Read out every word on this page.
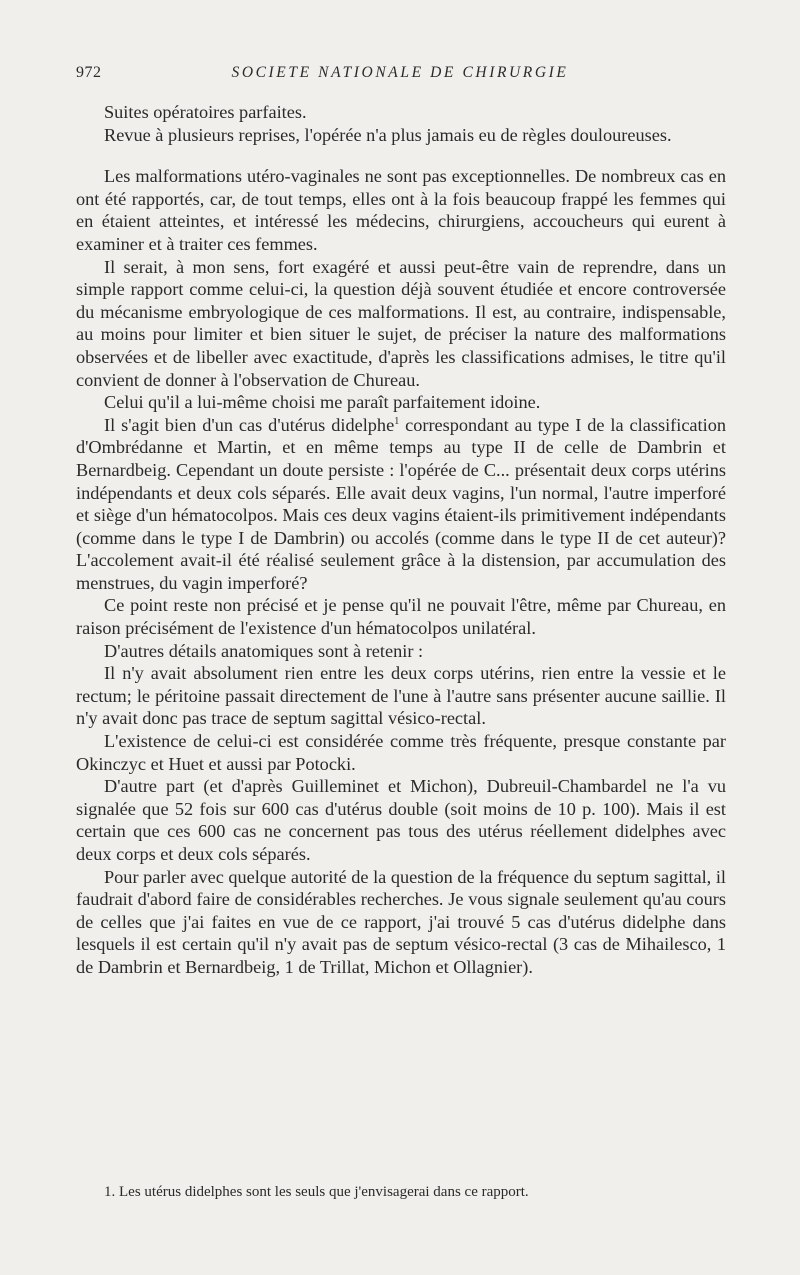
972	SOCIETE NATIONALE DE CHIRURGIE

Suites opératoires parfaites.

Revue à plusieurs reprises, l'opérée n'a plus jamais eu de règles douloureuses.

Les malformations utéro-vaginales ne sont pas exceptionnelles. De nombreux cas en ont été rapportés, car, de tout temps, elles ont à la fois beaucoup frappé les femmes qui en étaient atteintes, et intéressé les médecins, chirurgiens, accoucheurs qui eurent à examiner et à traiter ces femmes.

Il serait, à mon sens, fort exagéré et aussi peut-être vain de reprendre, dans un simple rapport comme celui-ci, la question déjà souvent étudiée et encore controversée du mécanisme embryologique de ces malformations. Il est, au contraire, indispensable, au moins pour limiter et bien situer le sujet, de préciser la nature des malformations observées et de libeller avec exactitude, d'après les classifications admises, le titre qu'il convient de donner à l'observation de Chureau.

Celui qu'il a lui-même choisi me paraît parfaitement idoine.

Il s'agit bien d'un cas d'utérus didelphe$^1$ correspondant au type I de la classification d'Ombrédanne et Martin, et en même temps au type II de celle de Dambrin et Bernardbeig. Cependant un doute persiste : l'opérée de C... présentait deux corps utérins indépendants et deux cols séparés. Elle avait deux vagins, l'un normal, l'autre imperforé et siège d'un hématocolpos. Mais ces deux vagins étaient-ils primitivement indépendants (comme dans le type I de Dambrin) ou accolés (comme dans le type II de cet auteur)? L'accolement avait-il été réalisé seulement grâce à la distension, par accumulation des menstrues, du vagin imperforé?

Ce point reste non précisé et je pense qu'il ne pouvait l'être, même par Chureau, en raison précisément de l'existence d'un hématocolpos unilatéral.

D'autres détails anatomiques sont à retenir :

Il n'y avait absolument rien entre les deux corps utérins, rien entre la vessie et le rectum; le péritoine passait directement de l'une à l'autre sans présenter aucune saillie. Il n'y avait donc pas trace de septum sagittal vésico-rectal.

L'existence de celui-ci est considérée comme très fréquente, presque constante par Okinczyc et Huet et aussi par Potocki.

D'autre part (et d'après Guilleminet et Michon), Dubreuil-Chambardel ne l'a vu signalée que 52 fois sur 600 cas d'utérus double (soit moins de 10 p. 100). Mais il est certain que ces 600 cas ne concernent pas tous des utérus réellement didelphes avec deux corps et deux cols séparés.

Pour parler avec quelque autorité de la question de la fréquence du septum sagittal, il faudrait d'abord faire de considérables recherches. Je vous signale seulement qu'au cours de celles que j'ai faites en vue de ce rapport, j'ai trouvé 5 cas d'utérus didelphe dans lesquels il est certain qu'il n'y avait pas de septum vésico-rectal (3 cas de Mihailesco, 1 de Dambrin et Bernardbeig, 1 de Trillat, Michon et Ollagnier).

1. Les utérus didelphes sont les seuls que j'envisagerai dans ce rapport.
